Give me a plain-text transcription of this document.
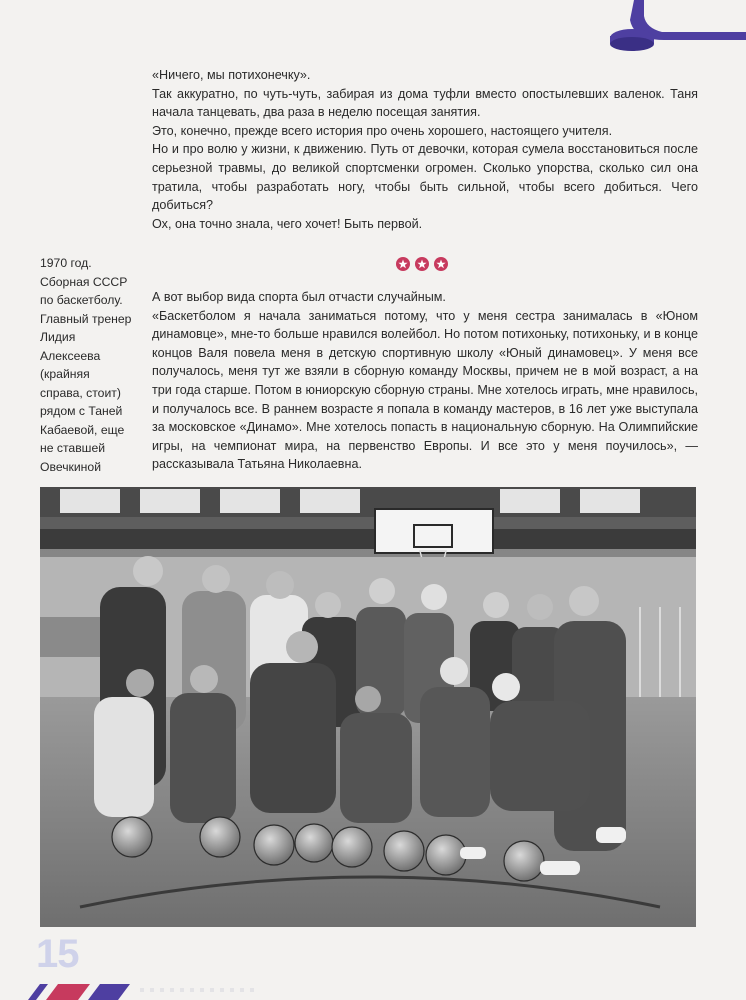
«Ничего, мы потихонечку».

Так аккуратно, по чуть-чуть, забирая из дома туфли вместо опостылевших валенок. Таня начала танцевать, два раза в неделю посещая занятия.

Это, конечно, прежде всего история про очень хорошего, настоящего учителя.

Но и про волю у жизни, к движению. Путь от девочки, которая сумела восстановиться после серьезной травмы, до великой спортсменки огромен. Сколько упорства, сколько сил она тратила, чтобы разработать ногу, чтобы быть сильной, чтобы всего добиться. Чего добиться?

Ох, она точно знала, чего хочет! Быть первой.

1970 год. Сборная СССР по баскетболу. Главный тренер Лидия Алексеева (крайняя справа, стоит) рядом с Таней Кабаевой, еще не ставшей Овечкиной

А вот выбор вида спорта был отчасти случайным.

«Баскетболом я начала заниматься потому, что у меня сестра занималась в «Юном динамовце», мне-то больше нравился волейбол. Но потом потихоньку, потихоньку, и в конце концов Валя повела меня в детскую спортивную школу «Юный динамовец». У меня все получалось, меня тут же взяли в сборную команду Москвы, причем не в мой возраст, а на три года старше. Потом в юниорскую сборную страны. Мне хотелось играть, мне нравилось, и получалось все. В раннем возрасте я попала в команду мастеров, в 16 лет уже выступала за московское «Динамо». Мне хотелось попасть в национальную сборную. На Олимпийские игры, на чемпионат мира, на первенство Европы. И все это у меня поучилось», — рассказывала Татьяна Николаевна.

15
